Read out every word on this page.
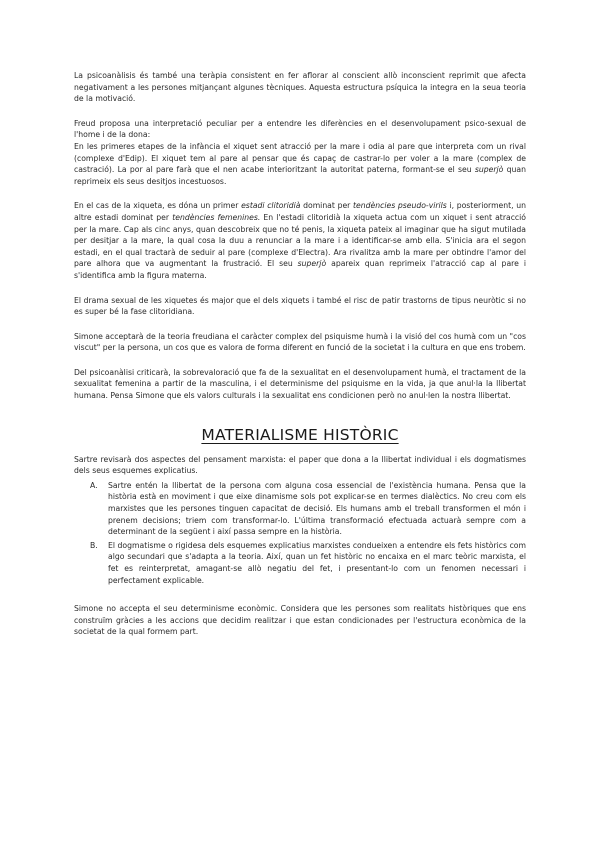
La psicoanàlisis és també una teràpia consistent en fer aflorar al conscient allò inconscient reprimit que afecta negativament a les persones mitjançant algunes tècniques. Aquesta estructura psíquica la integra en la seua teoria de la motivació.

Freud proposa una interpretació peculiar per a entendre les diferències en el desenvolupament psico-sexual de l'home i de la dona:

En les primeres etapes de la infància el xiquet sent atracció per la mare i odia al pare que interpreta com un rival (complexe d'Edip). El xiquet tem al pare al pensar que és capaç de castrar-lo per voler a la mare (complex de castració). La por al pare farà que el nen acabe interioritzant la autoritat paterna, formant-se el seu superjò quan reprimeix els seus desitjos incestuosos.

En el cas de la xiqueta, es dóna un primer estadi clitoridià dominat per tendències pseudo-virils i, posteriorment, un altre estadi dominat per tendències femenines. En l'estadi clitoridià la xiqueta actua com un xiquet i sent atracció per la mare. Cap als cinc anys, quan descobreix que no té penis, la xiqueta pateix al imaginar que ha sigut mutilada per desitjar a la mare, la qual cosa la duu a renunciar a la mare i a identificar-se amb ella. S'inicia ara el segon estadi, en el qual tractarà de seduir al pare (complexe d'Electra). Ara rivalitza amb la mare per obtindre l'amor del pare alhora que va augmentant la frustració. El seu superjò apareix quan reprimeix l'atracció cap al pare i s'identifica amb la figura materna.

El drama sexual de les xiquetes és major que el dels xiquets i també el risc de patir trastorns de tipus neuròtic si no es super bé la fase clitoridiana.

Simone acceptarà de la teoria freudiana el caràcter complex del psiquisme humà i la visió del cos humà com un "cos viscut" per la persona, un cos que es valora de forma diferent en funció de la societat i la cultura en que ens trobem.

Del psicoanàlisi criticarà, la sobrevaloració que fa de la sexualitat en el desenvolupament humà, el tractament de la sexualitat femenina a partir de la masculina, i el determinisme del psiquisme en la vida, ja que anul·la la llibertat humana. Pensa Simone que els valors culturals i la sexualitat ens condicionen però no anul·len la nostra llibertat.

MATERIALISME HISTÒRIC

Sartre revisarà dos aspectes del pensament marxista: el paper que dona a la llibertat individual i els dogmatismes dels seus esquemes explicatius.

A. Sartre entén la llibertat de la persona com alguna cosa essencial de l'existència humana. Pensa que la història està en moviment i que eixe dinamisme sols pot explicar-se en termes dialèctics. No creu com els marxistes que les persones tinguen capacitat de decisió. Els humans amb el treball transformen el món i prenem decisions; triem com transformar-lo. L'última transformació efectuada actuarà sempre com a determinant de la següent i així passa sempre en la història.
B. El dogmatisme o rigidesa dels esquemes explicatius marxistes condueixen a entendre els fets històrics com algo secundari que s'adapta a la teoria. Així, quan un fet històric no encaixa en el marc teòric marxista, el fet es reinterpretat, amagant-se allò negatiu del fet, i presentant-lo com un fenomen necessari i perfectament explicable.

Simone no accepta el seu determinisme econòmic. Considera que les persones som realitats històriques que ens construïm gràcies a les accions que decidim realitzar i que estan condicionades per l'estructura econòmica de la societat de la qual formem part.
